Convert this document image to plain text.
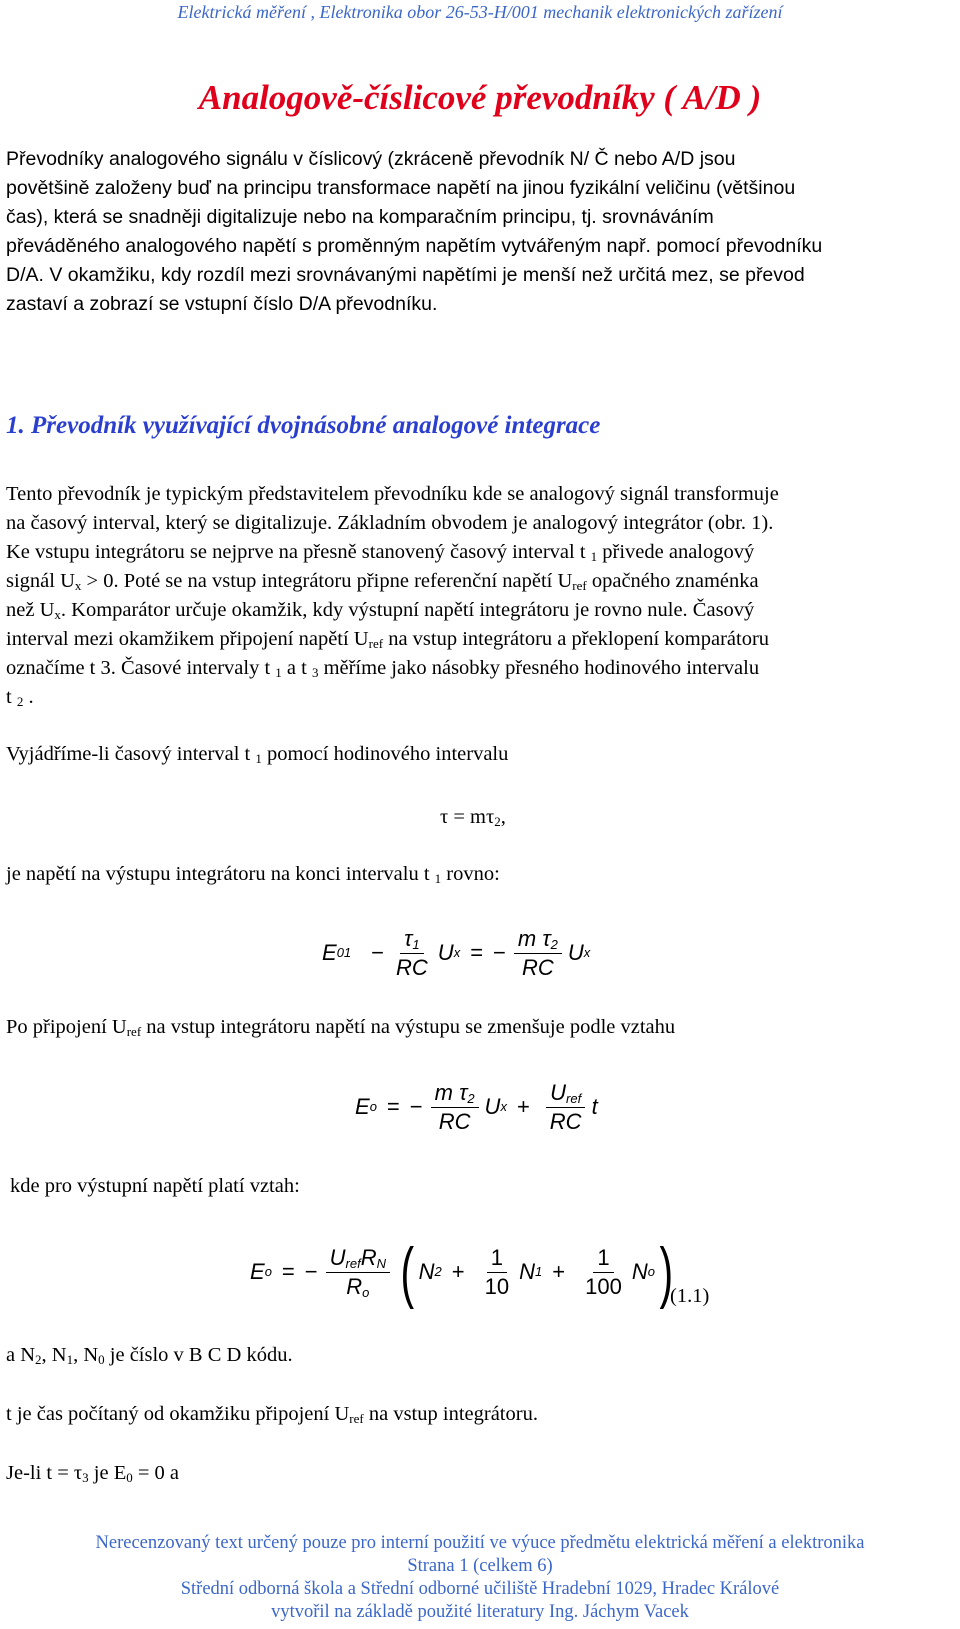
Elektrická měření , Elektronika obor 26-53-H/001 mechanik elektronických zařízení
Analogově-číslicové převodníky ( A/D )
Převodníky analogového signálu v číslicový (zkráceně převodník N/ Č nebo A/D jsou
povětšině založeny buď na principu transformace napětí na jinou fyzikální veličinu (většinou
čas), která se snadněji digitalizuje nebo na komparačním principu, tj. srovnáváním
převáděného analogového napětí s proměnným napětím vytvářeným např. pomocí převodníku
D/A. V okamžiku, kdy rozdíl mezi srovnávanými napětími je menší než určitá mez, se převod
zastaví a zobrazí se vstupní číslo D/A převodníku.
1. Převodník využívající dvojnásobné analogové integrace
Tento převodník je typickým představitelem převodníku kde se analogový signál transformuje
na časový interval, který se digitalizuje. Základním obvodem je analogový integrátor (obr. 1).
Ke vstupu integrátoru se nejprve na přesně stanovený časový interval t $_1$ přivede analogový
signál $U_x > 0$. Poté se na vstup integrátoru připne referenční napětí $U_{ref}$ opačného znaménka
než $U_x$. Komparátor určuje okamžik, kdy výstupní napětí integrátoru je rovno nule. Časový
interval mezi okamžikem připojení napětí $U_{ref}$ na vstup integrátoru a překlopení komparátoru
označíme t 3. Časové intervaly t $_1$ a t $_3$ měříme jako násobky přesného hodinového intervalu
t $_2$ .
Vyjádříme-li časový interval t $_1$ pomocí hodinového intervalu
$\tau = m\tau_2$,
je napětí na výstupu integrátoru na konci intervalu t $_1$ rovno:
E $01 - \frac{\tau_1}{RC}$ U x = − $\frac{m \tau_2}{RC}$ U x
Po připojení $U_{ref}$ na vstup integrátoru napětí na výstupu se zmenšuje podle vztahu
E o = − $\frac{m \tau_2}{RC}$ U $x + \frac{U_{ref}}{RC}$ t
kde pro výstupní napětí platí vztah:
E o = − $\frac{U_{ref}R_N}{R_o}$ ( N $2 + \frac{1}{10}$ N $1 + \frac{1}{100}$ N o )
(1.1)
a $N_2$, $N_1$, $N_0$ je číslo v B C D kódu.
t je čas počítaný od okamžiku připojení $U_{ref}$ na vstup integrátoru.
Je-li $t = \tau_3$ je $E_0 = 0$ a
Nerecenzovaný text určený pouze pro interní použití ve výuce předmětu elektrická měření a elektronika
Strana 1 (celkem 6)
Střední odborná škola a Střední odborné učiliště Hradební 1029, Hradec Králové
vytvořil na základě použité literatury Ing. Jáchym Vacek
